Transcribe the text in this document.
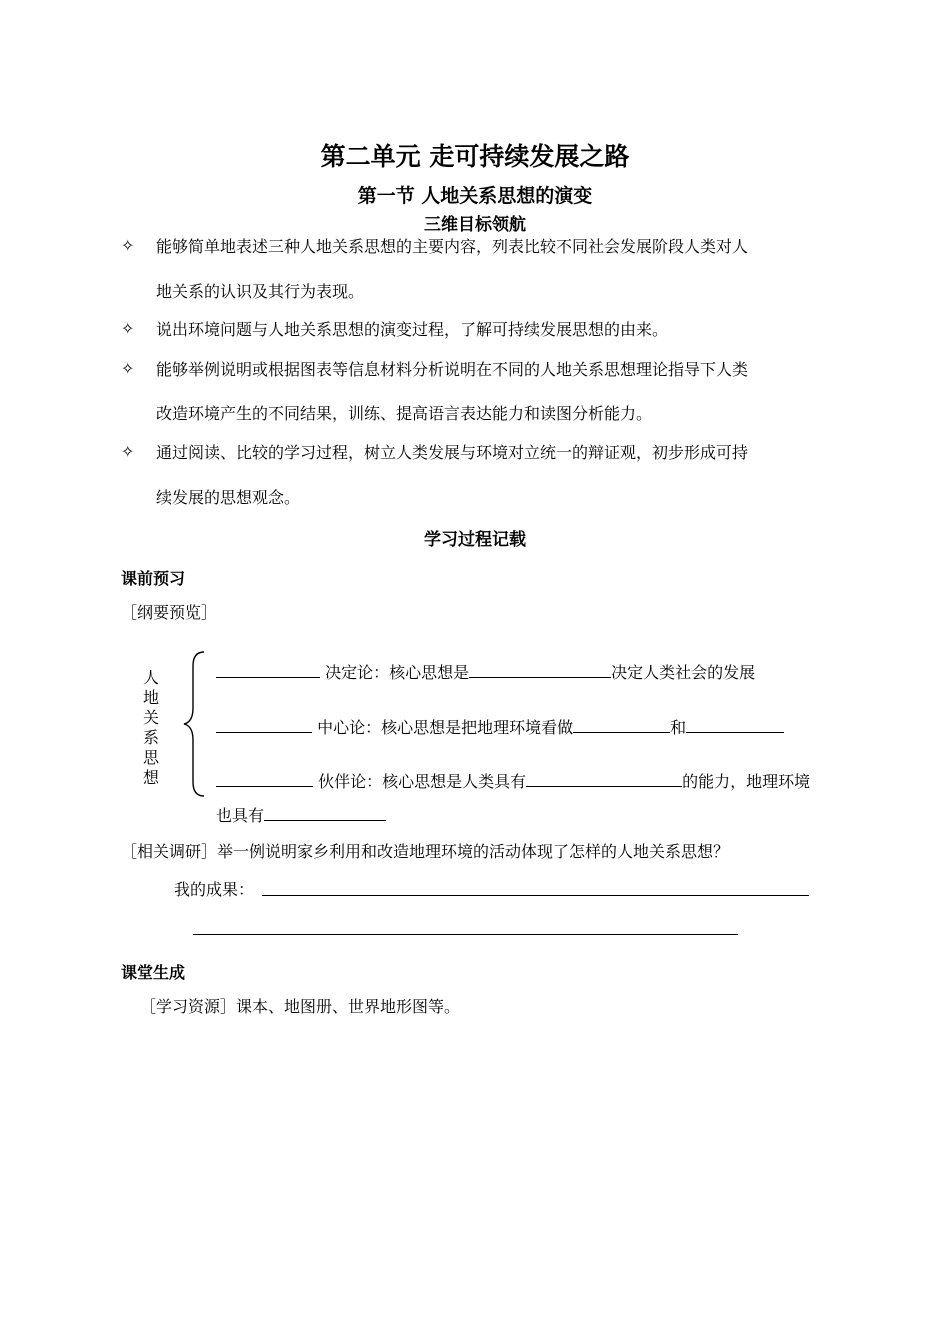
第二单元 走可持续发展之路
第一节 人地关系思想的演变
三维目标领航
✧ 能够简单地表述三种人地关系思想的主要内容，列表比较不同社会发展阶段人类对人
地关系的认识及其行为表现。
✧ 说出环境问题与人地关系思想的演变过程，了解可持续发展思想的由来。
✧ 能够举例说明或根据图表等信息材料分析说明在不同的人地关系思想理论指导下人类
改造环境产生的不同结果，训练、提高语言表达能力和读图分析能力。
✧ 通过阅读、比较的学习过程，树立人类发展与环境对立统一的辩证观，初步形成可持
续发展的思想观念。
学习过程记载
课前预习
［纲要预览］
人
地
关
系
思
想
决定论：核心思想是	决定人类社会的发展
中心论：核心思想是把地理环境看做	和
伙伴论：核心思想是人类具有	的能力，地理环境
也具有
［相关调研］举一例说明家乡利用和改造地理环境的活动体现了怎样的人地关系思想？
我的成果：
课堂生成
［学习资源］课本、地图册、世界地形图等。
